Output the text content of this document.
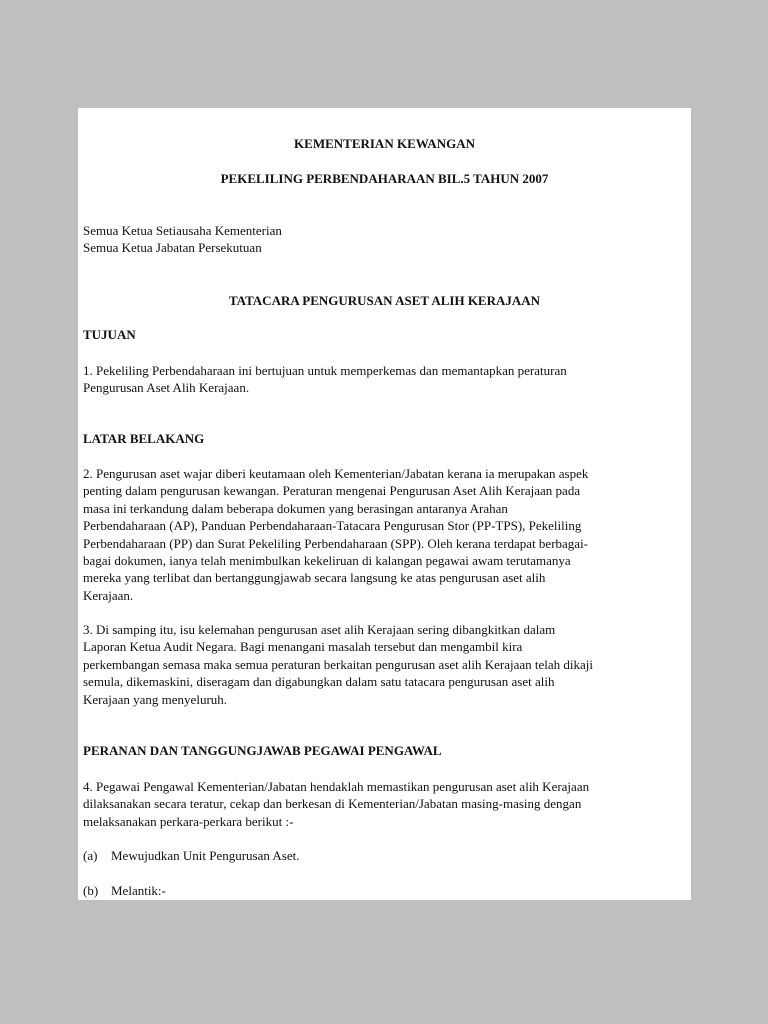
KEMENTERIAN KEWANGAN
PEKELILING PERBENDAHARAAN BIL.5 TAHUN 2007
Semua Ketua Setiausaha Kementerian
Semua Ketua Jabatan Persekutuan
TATACARA PENGURUSAN ASET ALIH KERAJAAN
TUJUAN
1. Pekeliling Perbendaharaan ini bertujuan untuk memperkemas dan memantapkan peraturan
Pengurusan Aset Alih Kerajaan.
LATAR BELAKANG
2. Pengurusan aset wajar diberi keutamaan oleh Kementerian/Jabatan kerana ia merupakan aspek
penting dalam pengurusan kewangan. Peraturan mengenai Pengurusan Aset Alih Kerajaan pada
masa ini terkandung dalam beberapa dokumen yang berasingan antaranya Arahan
Perbendaharaan (AP), Panduan Perbendaharaan-Tatacara Pengurusan Stor (PP-TPS), Pekeliling
Perbendaharaan (PP) dan Surat Pekeliling Perbendaharaan (SPP). Oleh kerana terdapat berbagai-
bagai dokumen, ianya telah menimbulkan kekeliruan di kalangan pegawai awam terutamanya
mereka yang terlibat dan bertanggungjawab secara langsung ke atas pengurusan aset alih
Kerajaan.
3. Di samping itu, isu kelemahan pengurusan aset alih Kerajaan sering dibangkitkan dalam
Laporan Ketua Audit Negara. Bagi menangani masalah tersebut dan mengambil kira
perkembangan semasa maka semua peraturan berkaitan pengurusan aset alih Kerajaan telah dikaji
semula, dikemaskini, diseragam dan digabungkan dalam satu tatacara pengurusan aset alih
Kerajaan yang menyeluruh.
PERANAN DAN TANGGUNGJAWAB PEGAWAI PENGAWAL
4. Pegawai Pengawal Kementerian/Jabatan hendaklah memastikan pengurusan aset alih Kerajaan
dilaksanakan secara teratur, cekap dan berkesan di Kementerian/Jabatan masing-masing dengan
melaksanakan perkara-perkara berikut :-
(a) Mewujudkan Unit Pengurusan Aset.
(b) Melantik:-
